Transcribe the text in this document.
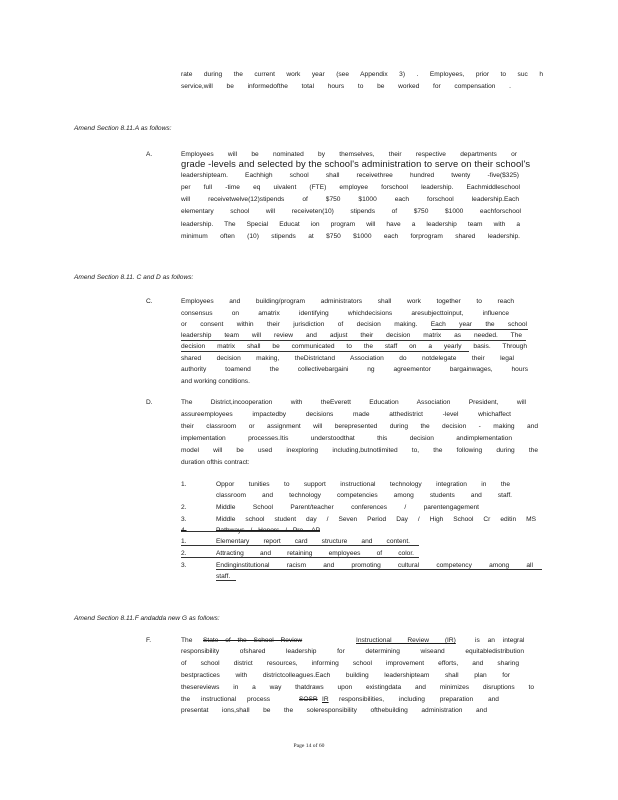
rate during the current work year (see Appendix 3) . Employees, prior to suc h
service,will be informedofthe total hours to be worked for compensation .
Amend Section 8.11.A as follows:
A.	Employees will be nominated by themselves, their respective departments or
grade -levels and selected by the school's administration to serve on their school's
leadershipteam. Eachhigh school shall receivethree hundred twenty -five($325)
per full -time eq uivalent (FTE) employee forschool leadership. Eachmiddleschool
will receivetwelve(12)stipends of $750 $1000 each forschool leadership.Each
elementary school will receiveten(10) stipends of $750 $1000 eachforschool
leadership. The Special Educat ion program will have a leadership team with a
minimum often (10) stipends at $750 $1000 each forprogram shared leadership.
Amend Section 8.11. C and D as follows:
C.	Employees and building/program administrators shall work together to reach
consensus on amatrix identifying whichdecisions aresubjecttoinput, influence
or consent within their jurisdiction of decision making. Each year the school
leadership team will review and adjust their decision matrix as needed. The
decision matrix shall be communicated to the staff on a yearly basis. Through
shared decision making, theDistrictand Association do notdelegate their legal
authority toamend the collectivebargaini ng agreementor bargainwages, hours
and working conditions.
D.	The District,incooperation with theEverett Education Association President, will
assureemployees impactedby decisions made atthedistrict -level whichaffect
their classroom or assignment will berepresented during the decision - making and
implementation processes.Itis understoodthat this decision andimplementation
model will be used inexploring including,butnotlimited to, the following during the
duration ofthis contract:
1.	Oppor tunities to support instructional technology integration in the
classroom and technology competencies among students and staff.
2.	Middle School Parent/teacher conferences / parentengagement
3.	Middle school student day / Seven Period Day / High School Cr editin MS
4.	Pathways / Honors / Pre -AP
1.	Elementary report card structure and content.
2.	Attracting and retaining employees of color.
3.	Endinginstitutional racism and promoting cultural competency among all
staff.
Amend Section 8.11.F andadda new G as follows:
F.	The State of the School Review	Instructional Review (IR)	is an integral
responsibility ofshared leadership for determining wiseand equitabledistribution
of school district resources, informing school improvement efforts, and sharing
bestpractices with districtcolleagues.Each building leadershipteam shall plan for
thesereviews in a way thatdraws upon existingdata and minimizes disruptions to
the instructional process	SOSR IR responsibilities, including preparation and
presentat ions,shall be the soleresponsibility ofthebuilding administration and
Page 14 of 60
